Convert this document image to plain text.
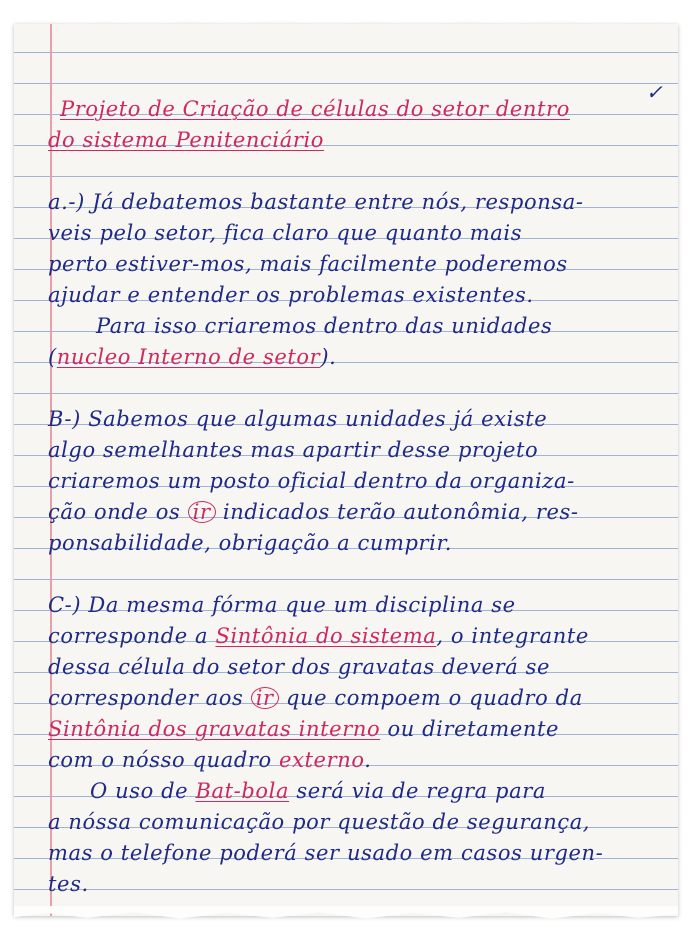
✓
Projeto de Criação de células do setor dentro
do sistema Penitenciário
a.-) Já debatemos bastante entre nós, responsa-
veis pelo setor, fica claro que quanto mais
perto estiver-mos, mais facilmente poderemos
ajudar e entender os problemas existentes.
Para isso criaremos dentro das unidades
(nucleo Interno de setor).
B-) Sabemos que algumas unidades já existe
algo semelhantes mas apartir desse projeto
criaremos um posto oficial dentro da organiza-
ção onde os ir indicados terão autonômia, res-
ponsabilidade, obrigação a cumprir.
C-) Da mesma fórma que um disciplina se
corresponde a Sintônia do sistema, o integrante
dessa célula do setor dos gravatas deverá se
corresponder aos ir que compoem o quadro da
Sintônia dos gravatas interno ou diretamente
com o nósso quadro externo.
O uso de Bat-bola será via de regra para
a nóssa comunicação por questão de segurança,
mas o telefone poderá ser usado em casos urgen-
tes.
